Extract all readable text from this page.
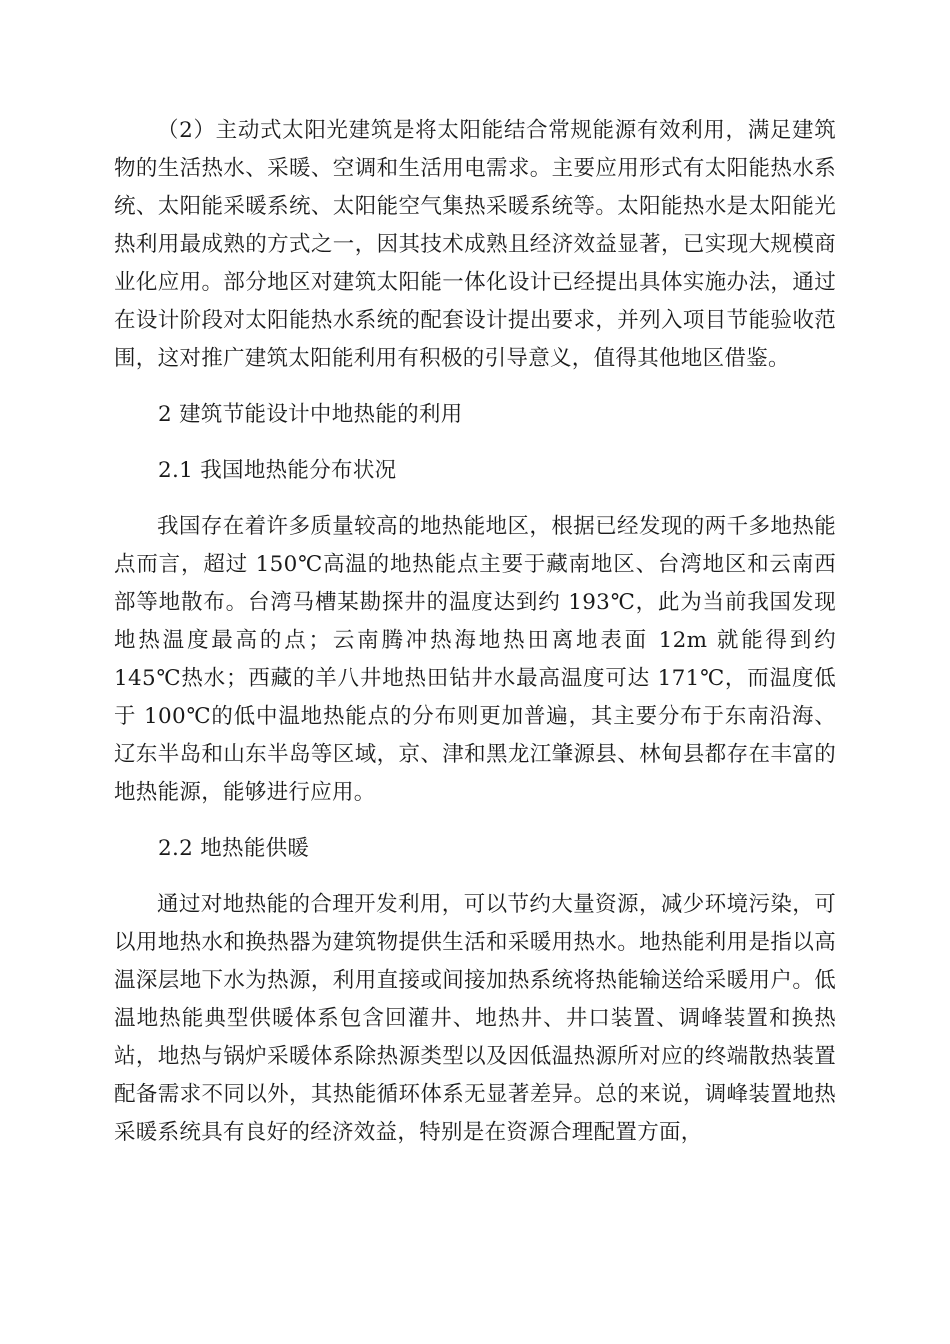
（2）主动式太阳光建筑是将太阳能结合常规能源有效利用，满足建筑物的生活热水、采暖、空调和生活用电需求。主要应用形式有太阳能热水系统、太阳能采暖系统、太阳能空气集热采暖系统等。太阳能热水是太阳能光热利用最成熟的方式之一，因其技术成熟且经济效益显著，已实现大规模商业化应用。部分地区对建筑太阳能一体化设计已经提出具体实施办法，通过在设计阶段对太阳能热水系统的配套设计提出要求，并列入项目节能验收范围，这对推广建筑太阳能利用有积极的引导意义，值得其他地区借鉴。

2 建筑节能设计中地热能的利用

2.1 我国地热能分布状况

我国存在着许多质量较高的地热能地区，根据已经发现的两千多地热能点而言，超过 150℃高温的地热能点主要于藏南地区、台湾地区和云南西部等地散布。台湾马槽某勘探井的温度达到约 193℃，此为当前我国发现地热温度最高的点；云南腾冲热海地热田离地表面 12m 就能得到约 145℃热水；西藏的羊八井地热田钻井水最高温度可达 171℃，而温度低于 100℃的低中温地热能点的分布则更加普遍，其主要分布于东南沿海、辽东半岛和山东半岛等区域，京、津和黑龙江肇源县、林甸县都存在丰富的地热能源，能够进行应用。

2.2 地热能供暖

通过对地热能的合理开发利用，可以节约大量资源，减少环境污染，可以用地热水和换热器为建筑物提供生活和采暖用热水。地热能利用是指以高温深层地下水为热源，利用直接或间接加热系统将热能输送给采暖用户。低温地热能典型供暖体系包含回灌井、地热井、井口装置、调峰装置和换热站，地热与锅炉采暖体系除热源类型以及因低温热源所对应的终端散热装置配备需求不同以外，其热能循环体系无显著差异。总的来说，调峰装置地热采暖系统具有良好的经济效益，特别是在资源合理配置方面，
